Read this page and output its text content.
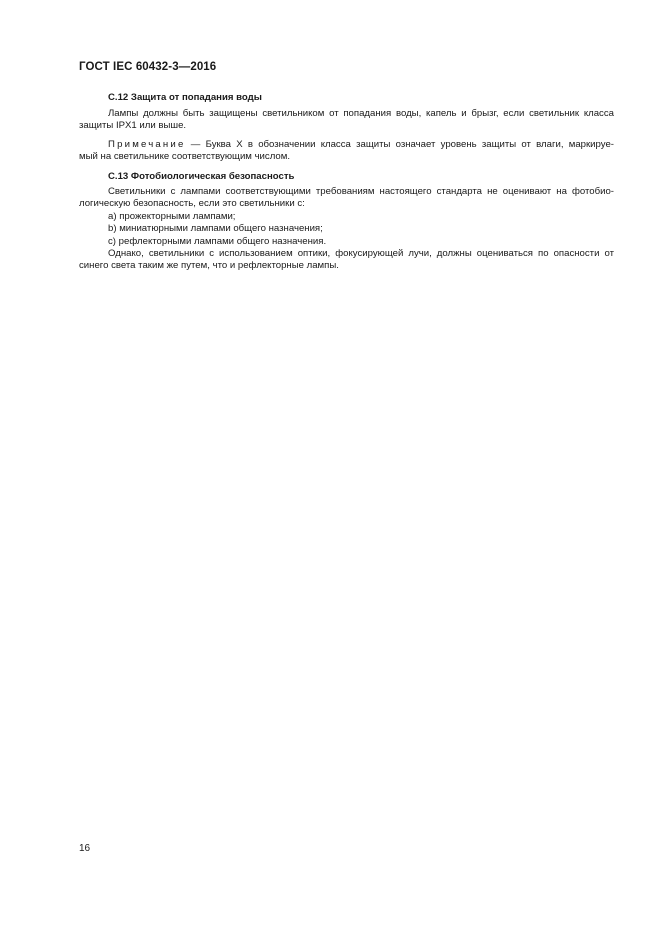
ГОСТ IEC 60432-3—2016
С.12 Защита от попадания воды
Лампы должны быть защищены светильником от попадания воды, капель и брызг, если светильник класса
защиты IPX1 или выше.
Примечание — Буква X в обозначении класса защиты означает уровень защиты от влаги, маркируе-
мый на светильнике соответствующим числом.
С.13 Фотобиологическая безопасность
Светильники с лампами соответствующими требованиям настоящего стандарта не оценивают на фотобио-
логическую безопасность, если это светильники с:
a) прожекторными лампами;
b) миниатюрными лампами общего назначения;
c) рефлекторными лампами общего назначения.
Однако, светильники с использованием оптики, фокусирующей лучи, должны оцениваться по опасности от
синего света таким же путем, что и рефлекторные лампы.
16
